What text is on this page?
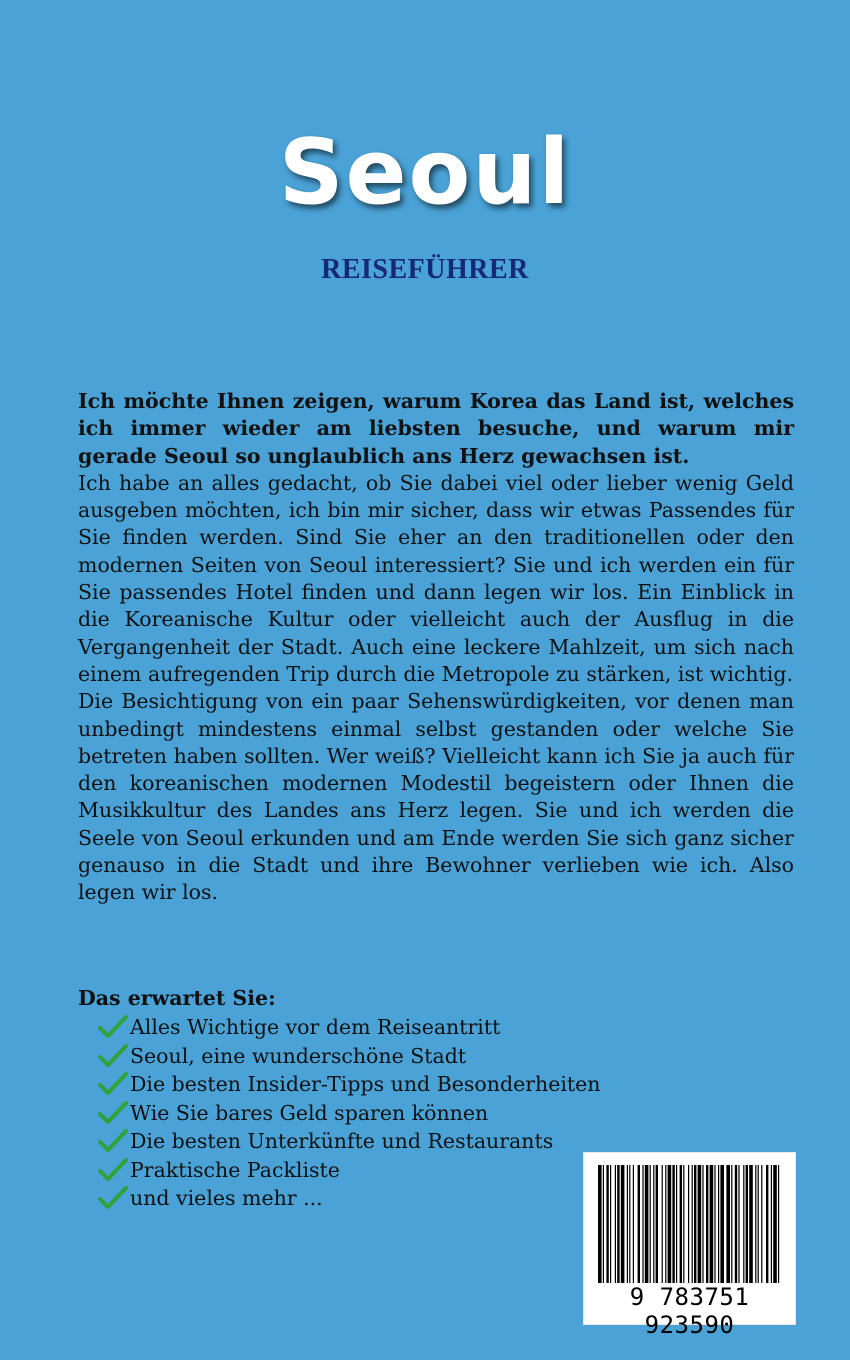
Seoul
REISEFÜHRER

Ich möchte Ihnen zeigen, warum Korea das Land ist, welches ich immer wieder am liebsten besuche, und warum mir gerade Seoul so unglaublich ans Herz gewachsen ist.

Ich habe an alles gedacht, ob Sie dabei viel oder lieber wenig Geld ausgeben möchten, ich bin mir sicher, dass wir etwas Passendes für Sie finden werden. Sind Sie eher an den traditionellen oder den modernen Seiten von Seoul interessiert? Sie und ich werden ein für Sie passendes Hotel finden und dann legen wir los. Ein Einblick in die Koreanische Kultur oder vielleicht auch der Ausflug in die Vergangenheit der Stadt. Auch eine leckere Mahlzeit, um sich nach einem aufregenden Trip durch die Metropole zu stärken, ist wichtig.

Die Besichtigung von ein paar Sehenswürdigkeiten, vor denen man unbedingt mindestens einmal selbst gestanden oder welche Sie betreten haben sollten. Wer weiß? Vielleicht kann ich Sie ja auch für den koreanischen modernen Modestil begeistern oder Ihnen die Musikkultur des Landes ans Herz legen. Sie und ich werden die Seele von Seoul erkunden und am Ende werden Sie sich ganz sicher genauso in die Stadt und ihre Bewohner verlieben wie ich. Also legen wir los.

Das erwartet Sie:
Alles Wichtige vor dem Reiseantritt
Seoul, eine wunderschöne Stadt
Die besten Insider-Tipps und Besonderheiten
Wie Sie bares Geld sparen können
Die besten Unterkünfte und Restaurants
Praktische Packliste
und vieles mehr ...
9 783751 923590
